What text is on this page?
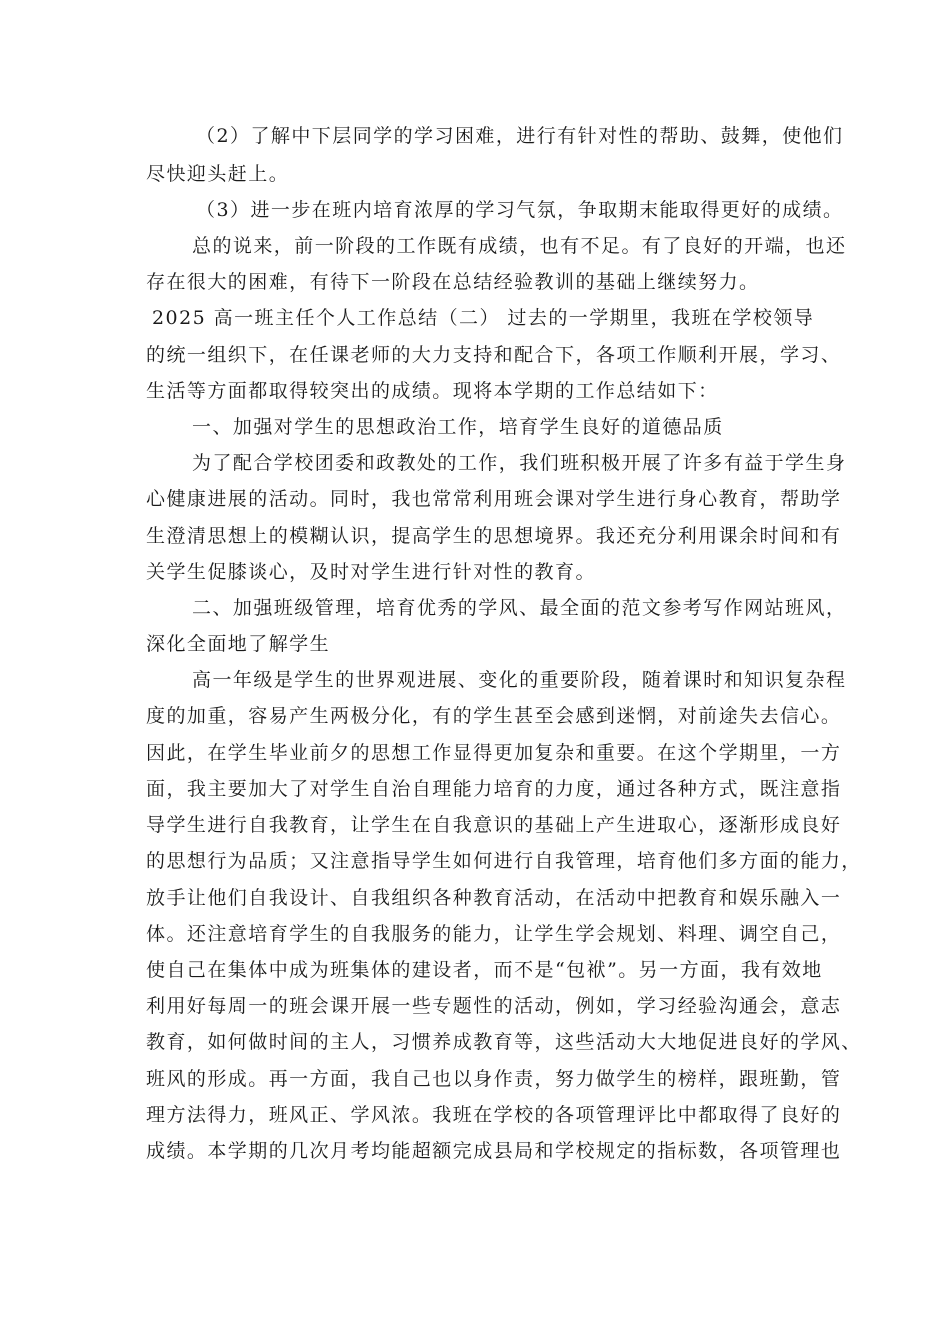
（2）了解中下层同学的学习困难，进行有针对性的帮助、鼓舞，使他们
尽快迎头赶上。
（3）进一步在班内培育浓厚的学习气氛，争取期末能取得更好的成绩。
总的说来，前一阶段的工作既有成绩，也有不足。有了良好的开端，也还
存在很大的困难，有待下一阶段在总结经验教训的基础上继续努力。
2025 高一班主任个人工作总结（二） 过去的一学期里，我班在学校领导
的统一组织下，在任课老师的大力支持和配合下，各项工作顺利开展，学习、
生活等方面都取得较突出的成绩。现将本学期的工作总结如下：
一、加强对学生的思想政治工作，培育学生良好的道德品质
为了配合学校团委和政教处的工作，我们班积极开展了许多有益于学生身
心健康进展的活动。同时，我也常常利用班会课对学生进行身心教育，帮助学
生澄清思想上的模糊认识，提高学生的思想境界。我还充分利用课余时间和有
关学生促膝谈心，及时对学生进行针对性的教育。
二、加强班级管理，培育优秀的学风、最全面的范文参考写作网站班风，
深化全面地了解学生
高一年级是学生的世界观进展、变化的重要阶段，随着课时和知识复杂程
度的加重，容易产生两极分化，有的学生甚至会感到迷惘，对前途失去信心。
因此，在学生毕业前夕的思想工作显得更加复杂和重要。在这个学期里，一方
面，我主要加大了对学生自治自理能力培育的力度，通过各种方式，既注意指
导学生进行自我教育，让学生在自我意识的基础上产生进取心，逐渐形成良好
的思想行为品质；又注意指导学生如何进行自我管理，培育他们多方面的能力，
放手让他们自我设计、自我组织各种教育活动，在活动中把教育和娱乐融入一
体。还注意培育学生的自我服务的能力，让学生学会规划、料理、调空自己，
使自己在集体中成为班集体的建设者，而不是“包袱”。另一方面，我有效地
利用好每周一的班会课开展一些专题性的活动，例如，学习经验沟通会，意志
教育，如何做时间的主人，习惯养成教育等，这些活动大大地促进良好的学风、
班风的形成。再一方面，我自己也以身作责，努力做学生的榜样，跟班勤，管
理方法得力，班风正、学风浓。我班在学校的各项管理评比中都取得了良好的
成绩。本学期的几次月考均能超额完成县局和学校规定的指标数，各项管理也
